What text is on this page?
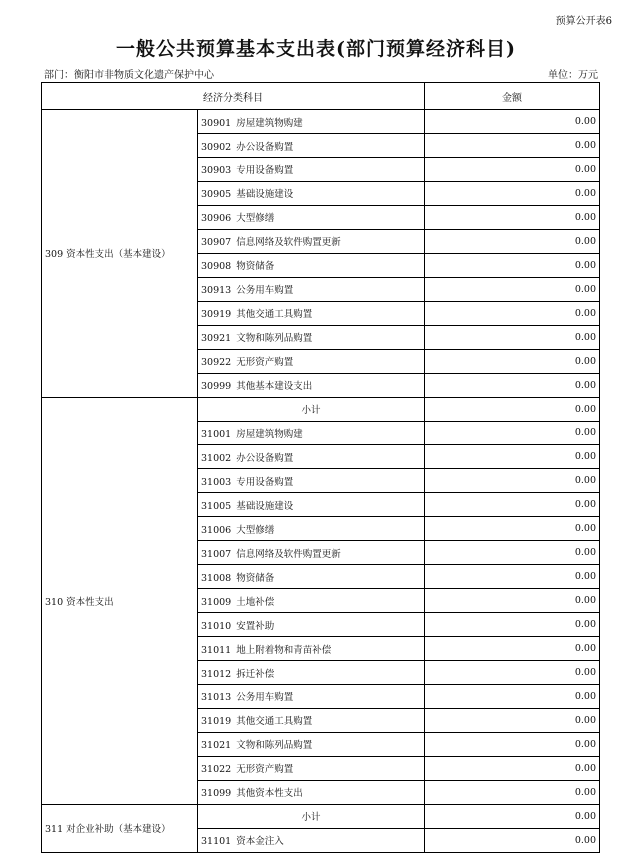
预算公开表6
一般公共预算基本支出表(部门预算经济科目)
部门：衡阳市非物质文化遗产保护中心	单位：万元
经济分类科目		金额
309 资本性支出（基本建设）	30901 房屋建筑物购建	0.00
	30902 办公设备购置	0.00
	30903 专用设备购置	0.00
	30905 基础设施建设	0.00
	30906 大型修缮	0.00
	30907 信息网络及软件购置更新	0.00
	30908 物资储备	0.00
	30913 公务用车购置	0.00
	30919 其他交通工具购置	0.00
	30921 文物和陈列品购置	0.00
	30922 无形资产购置	0.00
	30999 其他基本建设支出	0.00
310 资本性支出	小计	0.00
	31001 房屋建筑物购建	0.00
	31002 办公设备购置	0.00
	31003 专用设备购置	0.00
	31005 基础设施建设	0.00
	31006 大型修缮	0.00
	31007 信息网络及软件购置更新	0.00
	31008 物资储备	0.00
	31009 土地补偿	0.00
	31010 安置补助	0.00
	31011 地上附着物和青苗补偿	0.00
	31012 拆迁补偿	0.00
	31013 公务用车购置	0.00
	31019 其他交通工具购置	0.00
	31021 文物和陈列品购置	0.00
	31022 无形资产购置	0.00
	31099 其他资本性支出	0.00
311 对企业补助（基本建设）	小计	0.00
	31101 资本金注入	0.00
